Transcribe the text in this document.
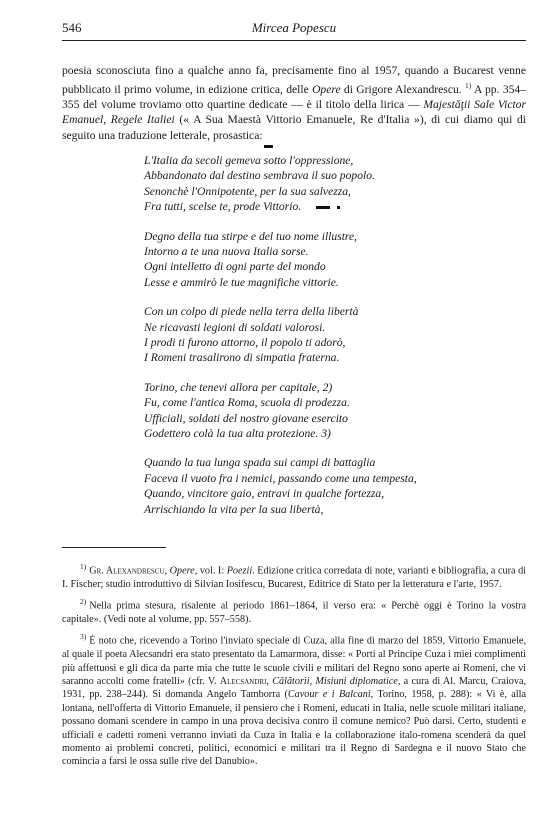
546	Mircea Popescu

poesia sconosciuta fino a qualche anno fa, precisamente fino al 1957, quando a Bucarest venne pubblicato il primo volume, in edizione critica, delle Opere di Grigore Alexandrescu. $^{1)}$ A pp. 354–355 del volume troviamo otto quartine dedicate — è il titolo della lirica — Majestăţii Sale Victor Emanuel, Regele Italiei (« A Sua Maestà Vittorio Emanuele, Re d'Italia »), di cui diamo qui di seguito una traduzione letterale, prosastica:

L'Italia da secoli gemeva sotto l'oppressione,
Abbandonato dal destino sembrava il suo popolo.
Senonchè l'Onnipotente, per la sua salvezza,
Fra tutti, scelse te, prode Vittorio.
Degno della tua stirpe e del tuo nome illustre,
Intorno a te una nuova Italia sorse.
Ogni intelletto di ogni parte del mondo
Lesse e ammirò le tue magnifiche vittorie.
Con un colpo di piede nella terra della libertà
Ne ricavasti legioni di soldati valorosi.
I prodi ti furono attorno, il popolo ti adorò,
I Romeni trasalirono di simpatia fraterna.
Torino, che tenevi allora per capitale, 2)
Fu, come l'antica Roma, scuola di prodezza.
Ufficiali, soldati del nostro giovane esercito
Godettero colà la tua alta protezione. 3)
Quando la tua lunga spada sui campi di battaglia
Faceva il vuoto fra i nemici, passando come una tempesta,
Quando, vincitore gaio, entravi in qualche fortezza,
Arrischiando la vita per la sua libertà,

$^{1)}$ Gr. Alexandrescu, Opere, vol. I: Poezii. Edizione critica corredata di note, varianti e bibliografia, a cura di I. Fischer; studio introduttivo di Silvian Iosifescu, Bucarest, Editrice di Stato per la letteratura e l'arte, 1957.

$^{2)}$ Nella prima stesura, risalente al periodo 1861–1864, il verso era: « Perchè oggi è Torino la vostra capitale». (Vedi note al volume, pp. 557–558).

$^{3)}$ È noto che, ricevendo a Torino l'inviato speciale di Cuza, alla fine di marzo del 1859, Vittorio Emanuele, al quale il poeta Alecsandri era stato presentato da Lamarmora, disse: « Porti al Principe Cuza i miei complimenti più affettuosi e gli dica da parte mia che tutte le scuole civili e militari del Regno sono aperte ai Romeni, che vi saranno accolti come fratelli» (cfr. V. Alecsandri, Călătorii, Misiuni diplomatice, a cura di Al. Marcu, Craiova, 1931, pp. 238–244). Si domanda Angelo Tamborra (Cavour e i Balcani, Torino, 1958, p. 288): « Vi è, alla lontana, nell'offerta di Vittorio Emanuele, il pensiero che i Romeni, educati in Italia, nelle scuole militari italiane, possano domani scendere in campo in una prova decisiva contro il comune nemico? Può darsi. Certo, studenti e ufficiali e cadetti romeni verranno inviati da Cuza in Italia e la collaborazione italo-romena scenderà da quel momento ai problemi concreti, politici, economici e militari tra il Regno di Sardegna e il nuovo Stato che comincia a farsi le ossa sulle rive del Danubio».
